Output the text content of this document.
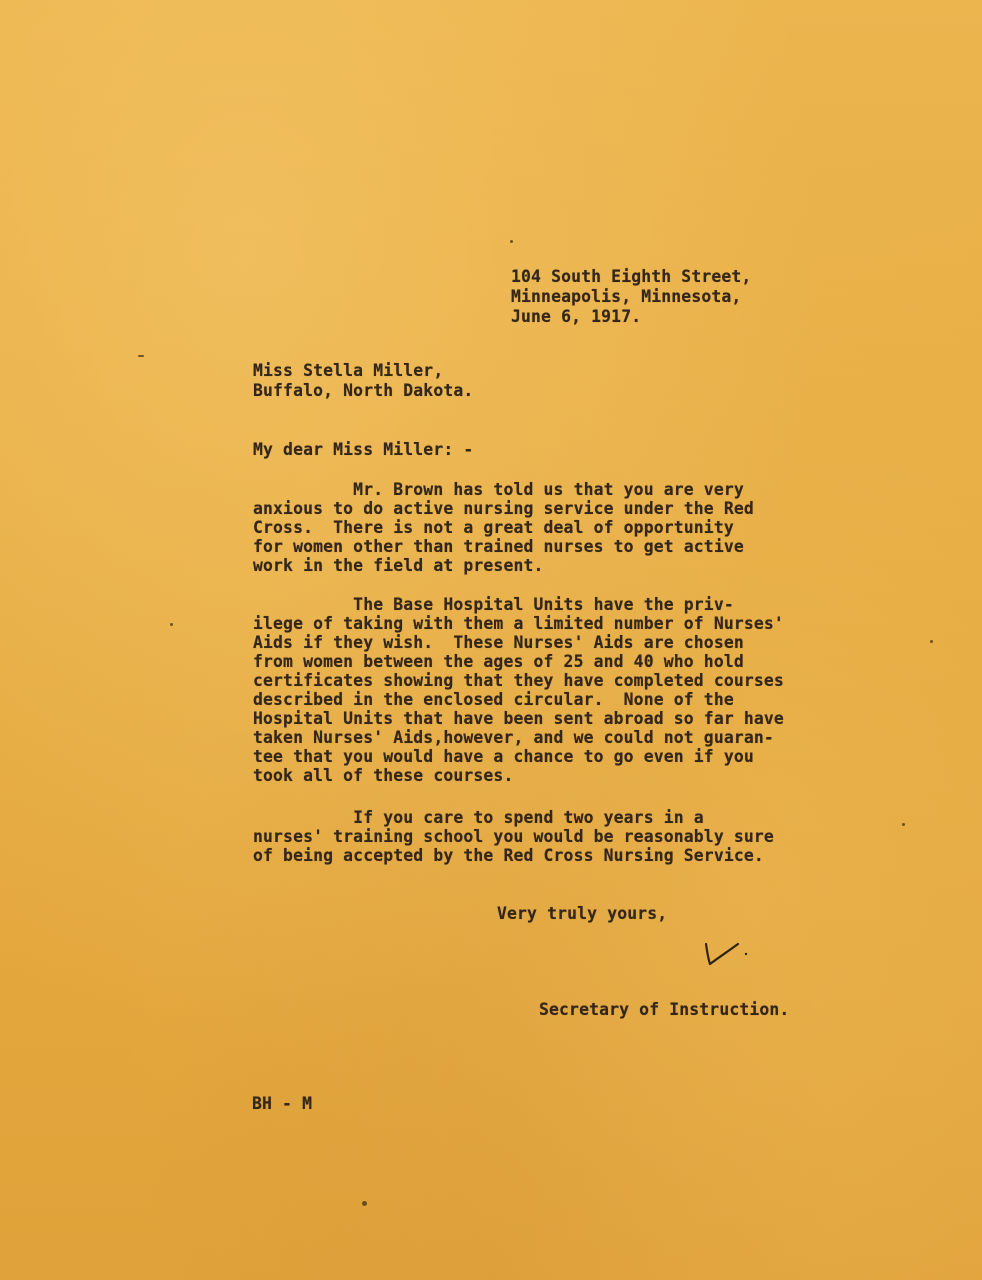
104 South Eighth Street,
Minneapolis, Minnesota,
June 6, 1917.
Miss Stella Miller,
Buffalo, North Dakota.
My dear Miss Miller: -
Mr. Brown has told us that you are very
anxious to do active nursing service under the Red
Cross.  There is not a great deal of opportunity
for women other than trained nurses to get active
work in the field at present.
The Base Hospital Units have the priv-
ilege of taking with them a limited number of Nurses'
Aids if they wish.  These Nurses' Aids are chosen
from women between the ages of 25 and 40 who hold
certificates showing that they have completed courses
described in the enclosed circular.  None of the
Hospital Units that have been sent abroad so far have
taken Nurses' Aids,however, and we could not guaran-
tee that you would have a chance to go even if you
took all of these courses.
If you care to spend two years in a
nurses' training school you would be reasonably sure
of being accepted by the Red Cross Nursing Service.
Very truly yours,
Secretary of Instruction.
BH - M
